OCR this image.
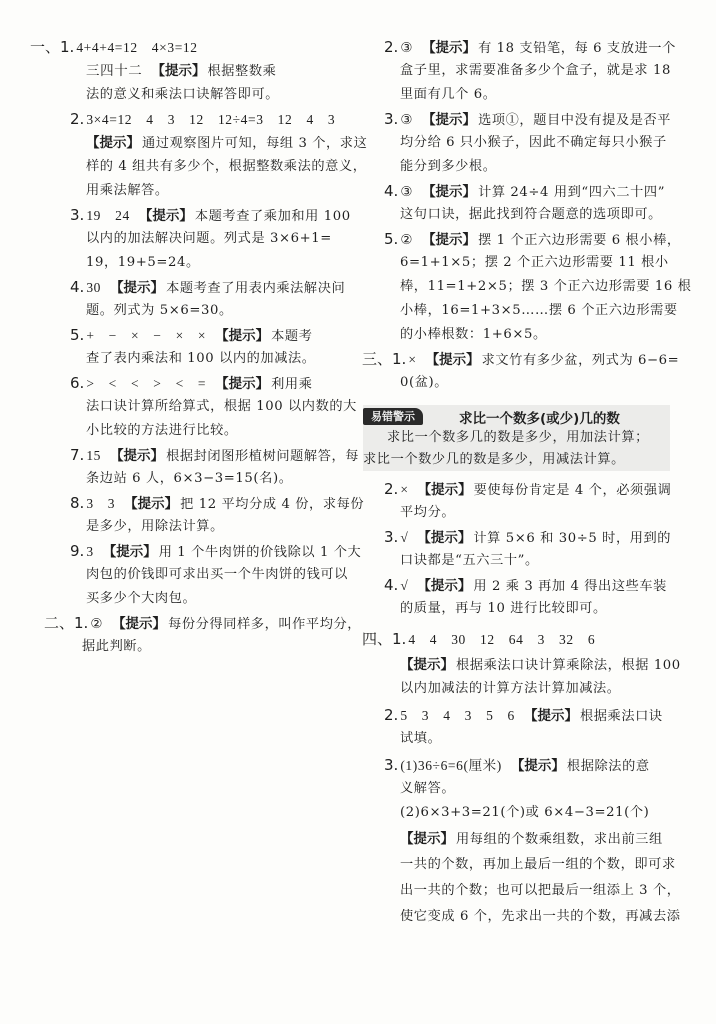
一、1. 4+4+4=12　4×3=12
三四十二　 【提示】 根据整数乘
法的意义和乘法口诀解答即可。
2. 3×4=12　4　3　12　12÷4=3　12　4　3
【提示】 通过观察图片可知，每组 3 个，求这
样的 4 组共有多少个，根据整数乘法的意义，
用乘法解答。
3. 19　24　 【提示】 本题考查了乘加和用 100
以内的加法解决问题。列式是 3×6+1=
19，19+5=24。
4. 30　 【提示】 本题考查了用表内乘法解决问
题。列式为 5×6=30。
5. +　−　×　−　×　×　 【提示】 本题考
查了表内乘法和 100 以内的加减法。
6. >　<　<　>　<　=　 【提示】 利用乘
法口诀计算所给算式，根据 100 以内数的大
小比较的方法进行比较。
7. 15　 【提示】 根据封闭图形植树问题解答，每
条边站 6 人，6×3−3=15(名)。
8. 3　3　 【提示】 把 12 平均分成 4 份，求每份
是多少，用除法计算。
9. 3　 【提示】 用 1 个牛肉饼的价钱除以 1 个大
肉包的价钱即可求出买一个牛肉饼的钱可以
买多少个大肉包。
二、1. ②　 【提示】 每份分得同样多，叫作平均分，
据此判断。
2. ③　 【提示】 有 18 支铅笔，每 6 支放进一个
盒子里，求需要准备多少个盒子，就是求 18
里面有几个 6。
3. ③　 【提示】 选项①，题目中没有提及是否平
均分给 6 只小猴子，因此不确定每只小猴子
能分到多少根。
4. ③　 【提示】 计算 24÷4 用到“四六二十四”
这句口诀，据此找到符合题意的选项即可。
5. ②　 【提示】 摆 1 个正六边形需要 6 根小棒，
6=1+1×5；摆 2 个正六边形需要 11 根小
棒，11=1+2×5；摆 3 个正六边形需要 16 根
小棒，16=1+3×5……摆 6 个正六边形需要
的小棒根数：1+6×5。
三、1. ×　 【提示】 求文竹有多少盆，列式为 6−6=
0(盆)。
2. ×　 【提示】 要使每份肯定是 4 个，必须强调
平均分。
3. √　 【提示】 计算 5×6 和 30÷5 时，用到的
口诀都是“五六三十”。
4. √　 【提示】 用 2 乘 3 再加 4 得出这些车装
的质量，再与 10 进行比较即可。
四、1. 4　4　30　12　64　3　32　6
【提示】 根据乘法口诀计算乘除法，根据 100
以内加减法的计算方法计算加减法。
2. 5　3　4　3　5　6　 【提示】 根据乘法口诀
试填。
3. (1)36÷6=6(厘米)　 【提示】 根据除法的意
义解答。
(2)6×3+3=21(个)或 6×4−3=21(个)
【提示】 用每组的个数乘组数，求出前三组
一共的个数，再加上最后一组的个数，即可求
出一共的个数；也可以把最后一组添上 3 个，
使它变成 6 个，先求出一共的个数，再减去添
易错警示	求比一个数多(或少)几的数
求比一个数多几的数是多少，用加法计算；
求比一个数少几的数是多少，用减法计算。
